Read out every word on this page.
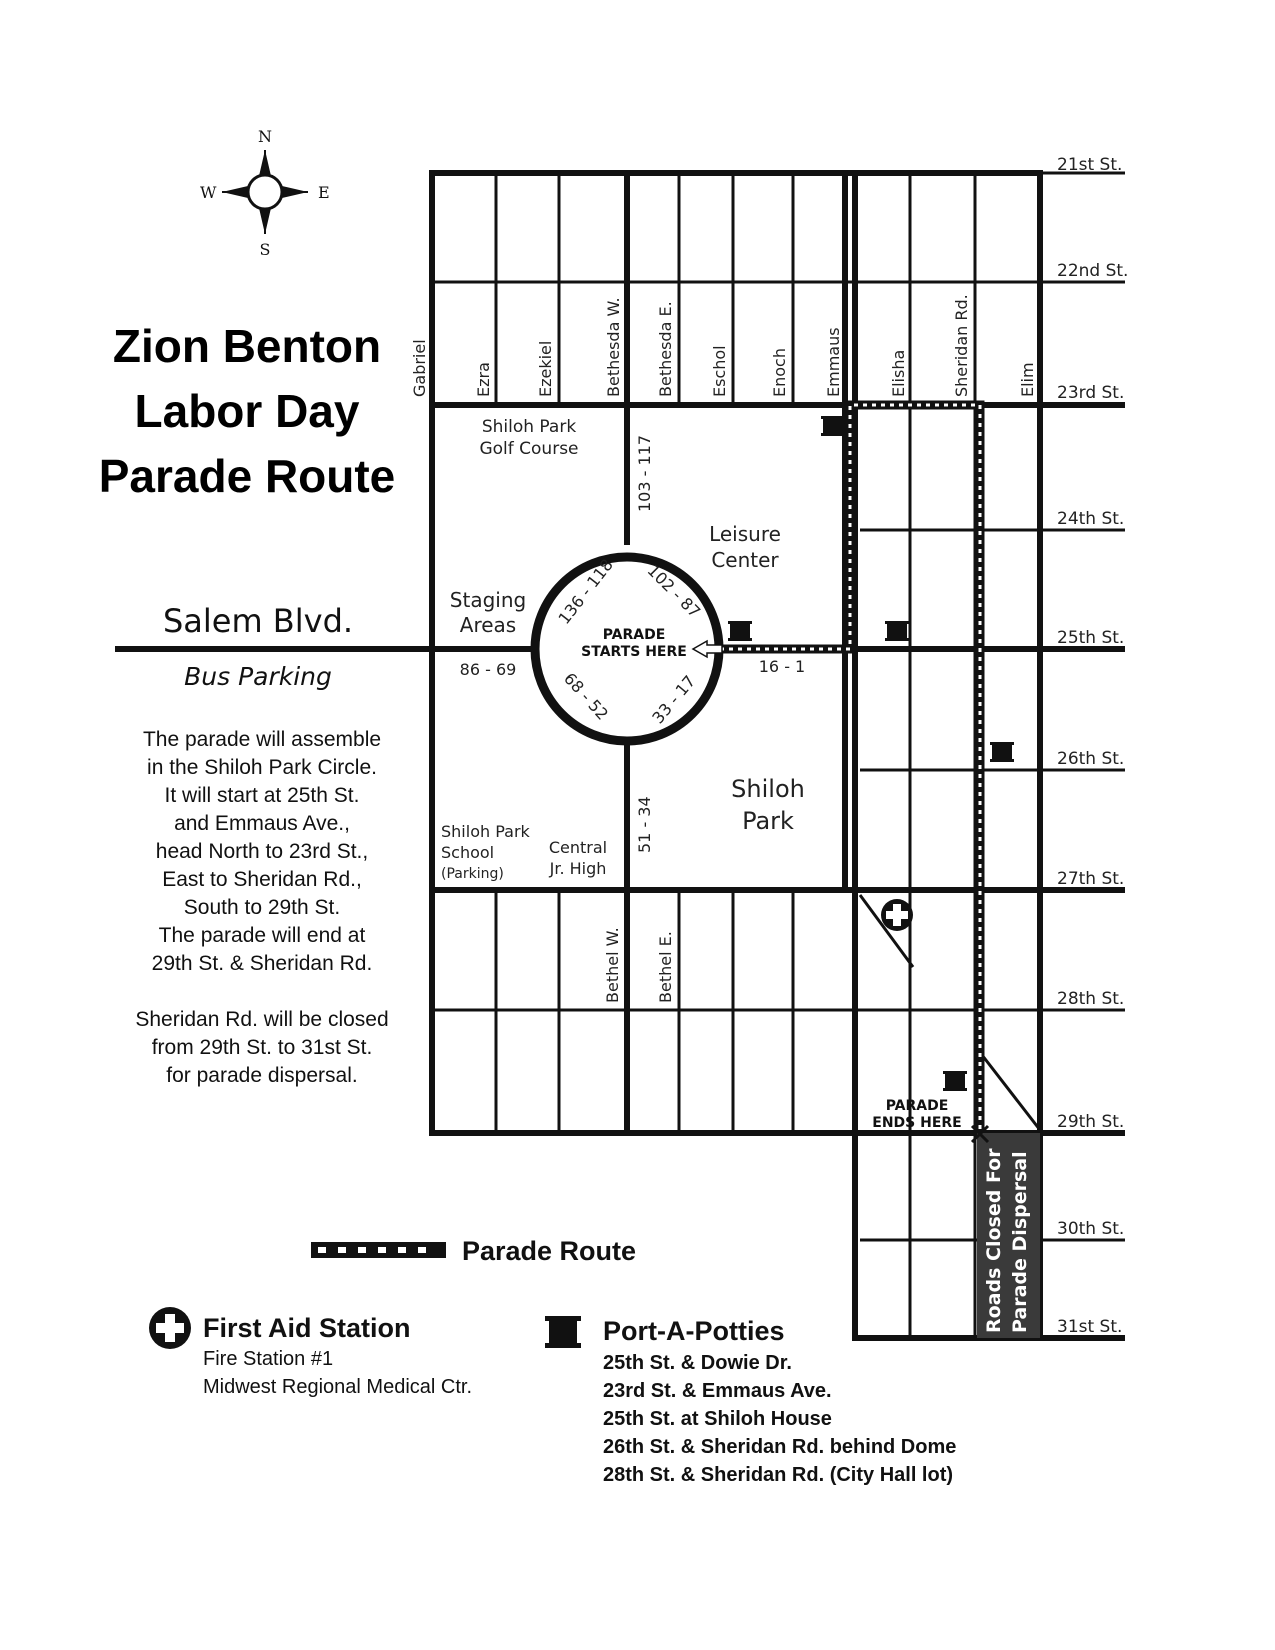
N
S
E
W
Zion Benton
Labor Day
Parade Route
Roads Closed For Parade Dispersal
21st St.
22nd St.
23rd St.
24th St.
25th St.
26th St.
27th St.
28th St.
29th St.
30th St.
31st St.
Gabriel	Ezra	Ezekiel	Bethesda W. Bethesda E. Eschol	Enoch Emmaus	Elisha	Sheridan Rd.	Elim
Bethel W. Bethel E.
Salem Blvd.
Bus Parking
Shiloh Park
Golf Course
Leisure
Center
Staging
Areas
Shiloh
Park
Shiloh Park
School
(Parking)
Central
Jr. High
PARADE
STARTS HERE
PARADE
ENDS HERE
103 - 117
51 - 34
86 - 69	16 - 1
136 - 118 102 - 87
68 - 52 33 - 17
The parade will assemble
in the Shiloh Park Circle.
It will start at 25th St.
and Emmaus Ave.,
head North to 23rd St.,
East to Sheridan Rd.,
South to 29th St.
The parade will end at
29th St. & Sheridan Rd.
Sheridan Rd. will be closed
from 29th St. to 31st St.
for parade dispersal.
Parade Route
First Aid Station
Fire Station #1
Midwest Regional Medical Ctr.
Port-A-Potties
25th St. & Dowie Dr.
23rd St. & Emmaus Ave.
25th St. at Shiloh House
26th St. & Sheridan Rd. behind Dome
28th St. & Sheridan Rd. (City Hall lot)
